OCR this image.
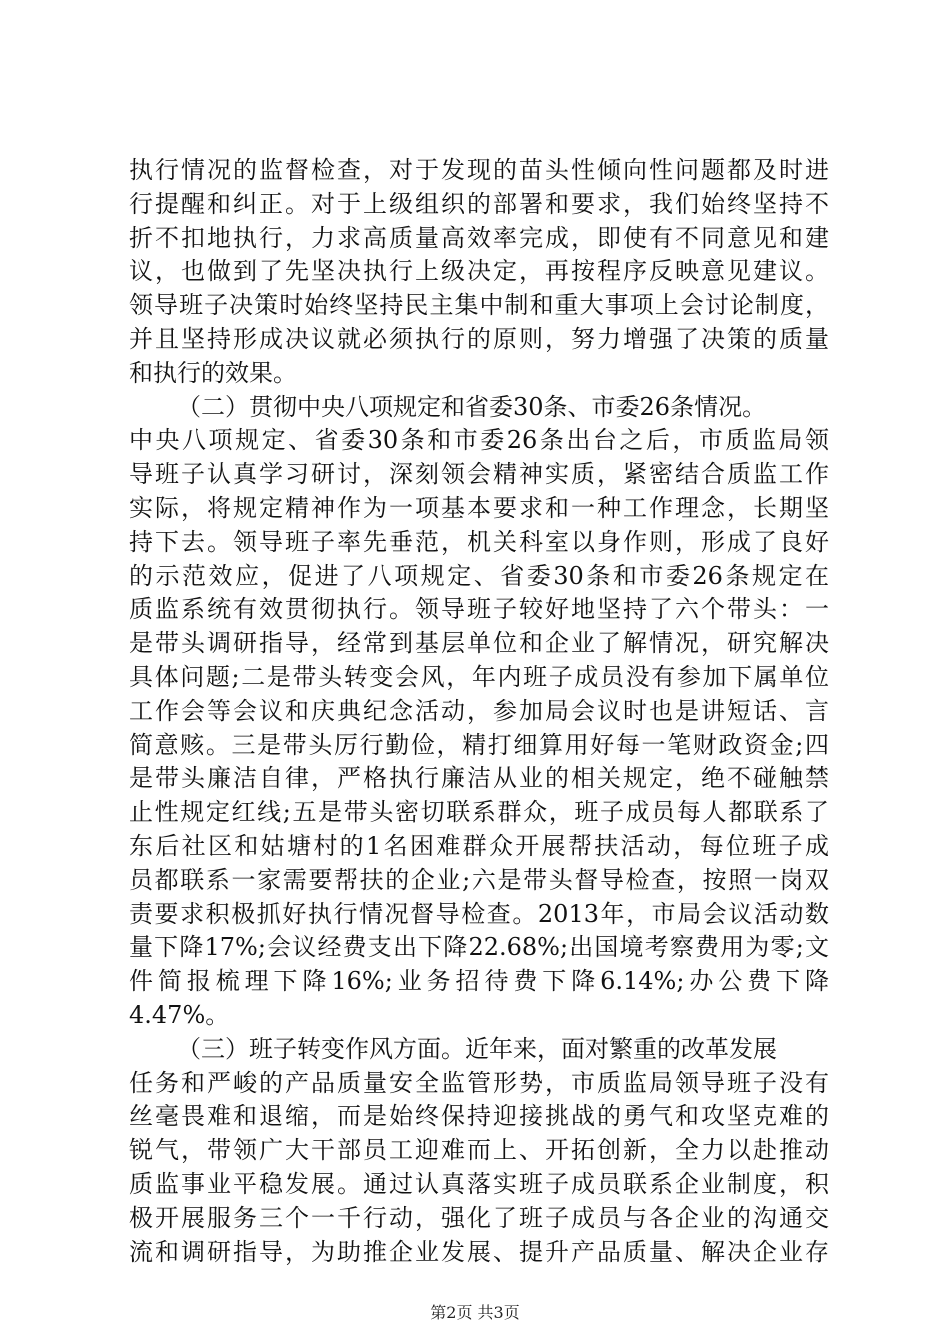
执行情况的监督检查，对于发现的苗头性倾向性问题都及时进
行提醒和纠正。对于上级组织的部署和要求，我们始终坚持不
折不扣地执行，力求高质量高效率完成，即使有不同意见和建
议，也做到了先坚决执行上级决定，再按程序反映意见建议。
领导班子决策时始终坚持民主集中制和重大事项上会讨论制度，
并且坚持形成决议就必须执行的原则，努力增强了决策的质量
和执行的效果。
（二）贯彻中央八项规定和省委30条、市委26条情况。
中央八项规定、省委30条和市委26条出台之后，市质监局领
导班子认真学习研讨，深刻领会精神实质，紧密结合质监工作
实际，将规定精神作为一项基本要求和一种工作理念，长期坚
持下去。领导班子率先垂范，机关科室以身作则，形成了良好
的示范效应，促进了八项规定、省委30条和市委26条规定在
质监系统有效贯彻执行。领导班子较好地坚持了六个带头：一
是带头调研指导，经常到基层单位和企业了解情况，研究解决
具体问题;二是带头转变会风，年内班子成员没有参加下属单位
工作会等会议和庆典纪念活动，参加局会议时也是讲短话、言
简意赅。三是带头厉行勤俭，精打细算用好每一笔财政资金;四
是带头廉洁自律，严格执行廉洁从业的相关规定，绝不碰触禁
止性规定红线;五是带头密切联系群众，班子成员每人都联系了
东后社区和姑塘村的1名困难群众开展帮扶活动，每位班子成
员都联系一家需要帮扶的企业;六是带头督导检查，按照一岗双
责要求积极抓好执行情况督导检查。2013年，市局会议活动数
量下降17%;会议经费支出下降22.68%;出国境考察费用为零;文
件简报梳理下降16%;业务招待费下降6.14%;办公费下降
4.47%。
（三）班子转变作风方面。近年来，面对繁重的改革发展
任务和严峻的产品质量安全监管形势，市质监局领导班子没有
丝毫畏难和退缩，而是始终保持迎接挑战的勇气和攻坚克难的
锐气，带领广大干部员工迎难而上、开拓创新，全力以赴推动
质监事业平稳发展。通过认真落实班子成员联系企业制度，积
极开展服务三个一千行动，强化了班子成员与各企业的沟通交
流和调研指导，为助推企业发展、提升产品质量、解决企业存
第2页 共3页
